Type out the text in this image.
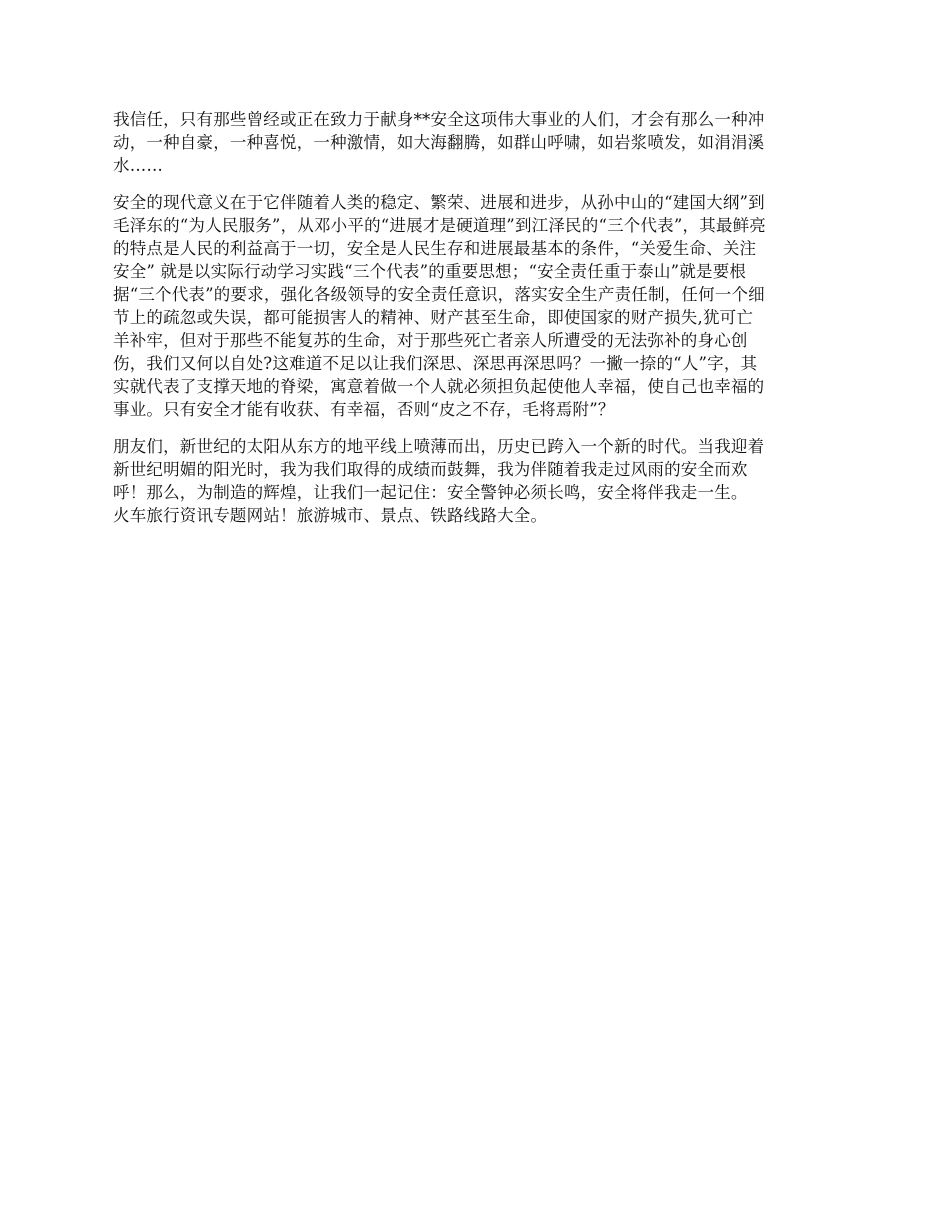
我信任，只有那些曾经或正在致力于献身**安全这项伟大事业的人们，才会有那么一种冲
动，一种自豪，一种喜悦，一种激情，如大海翻腾，如群山呼啸，如岩浆喷发，如涓涓溪
水……

安全的现代意义在于它伴随着人类的稳定、繁荣、进展和进步，从孙中山的“建国大纲”到
毛泽东的“为人民服务”，从邓小平的“进展才是硬道理”到江泽民的“三个代表”，其最鲜亮
的特点是人民的利益高于一切，安全是人民生存和进展最基本的条件，“关爱生命、关注
安全” 就是以实际行动学习实践“三个代表”的重要思想；“安全责任重于泰山”就是要根
据“三个代表”的要求，强化各级领导的安全责任意识，落实安全生产责任制，任何一个细
节上的疏忽或失误，都可能损害人的精神、财产甚至生命，即使国家的财产损失,犹可亡
羊补牢，但对于那些不能复苏的生命，对于那些死亡者亲人所遭受的无法弥补的身心创
伤，我们又何以自处?这难道不足以让我们深思、深思再深思吗？一撇一捺的“人”字，其
实就代表了支撑天地的脊梁，寓意着做一个人就必须担负起使他人幸福，使自己也幸福的
事业。只有安全才能有收获、有幸福，否则“皮之不存，毛将焉附”？

朋友们，新世纪的太阳从东方的地平线上喷薄而出，历史已跨入一个新的时代。当我迎着
新世纪明媚的阳光时，我为我们取得的成绩而鼓舞，我为伴随着我走过风雨的安全而欢
呼！那么，为制造的辉煌，让我们一起记住：安全警钟必须长鸣，安全将伴我走一生。
火车旅行资讯专题网站！旅游城市、景点、铁路线路大全。
